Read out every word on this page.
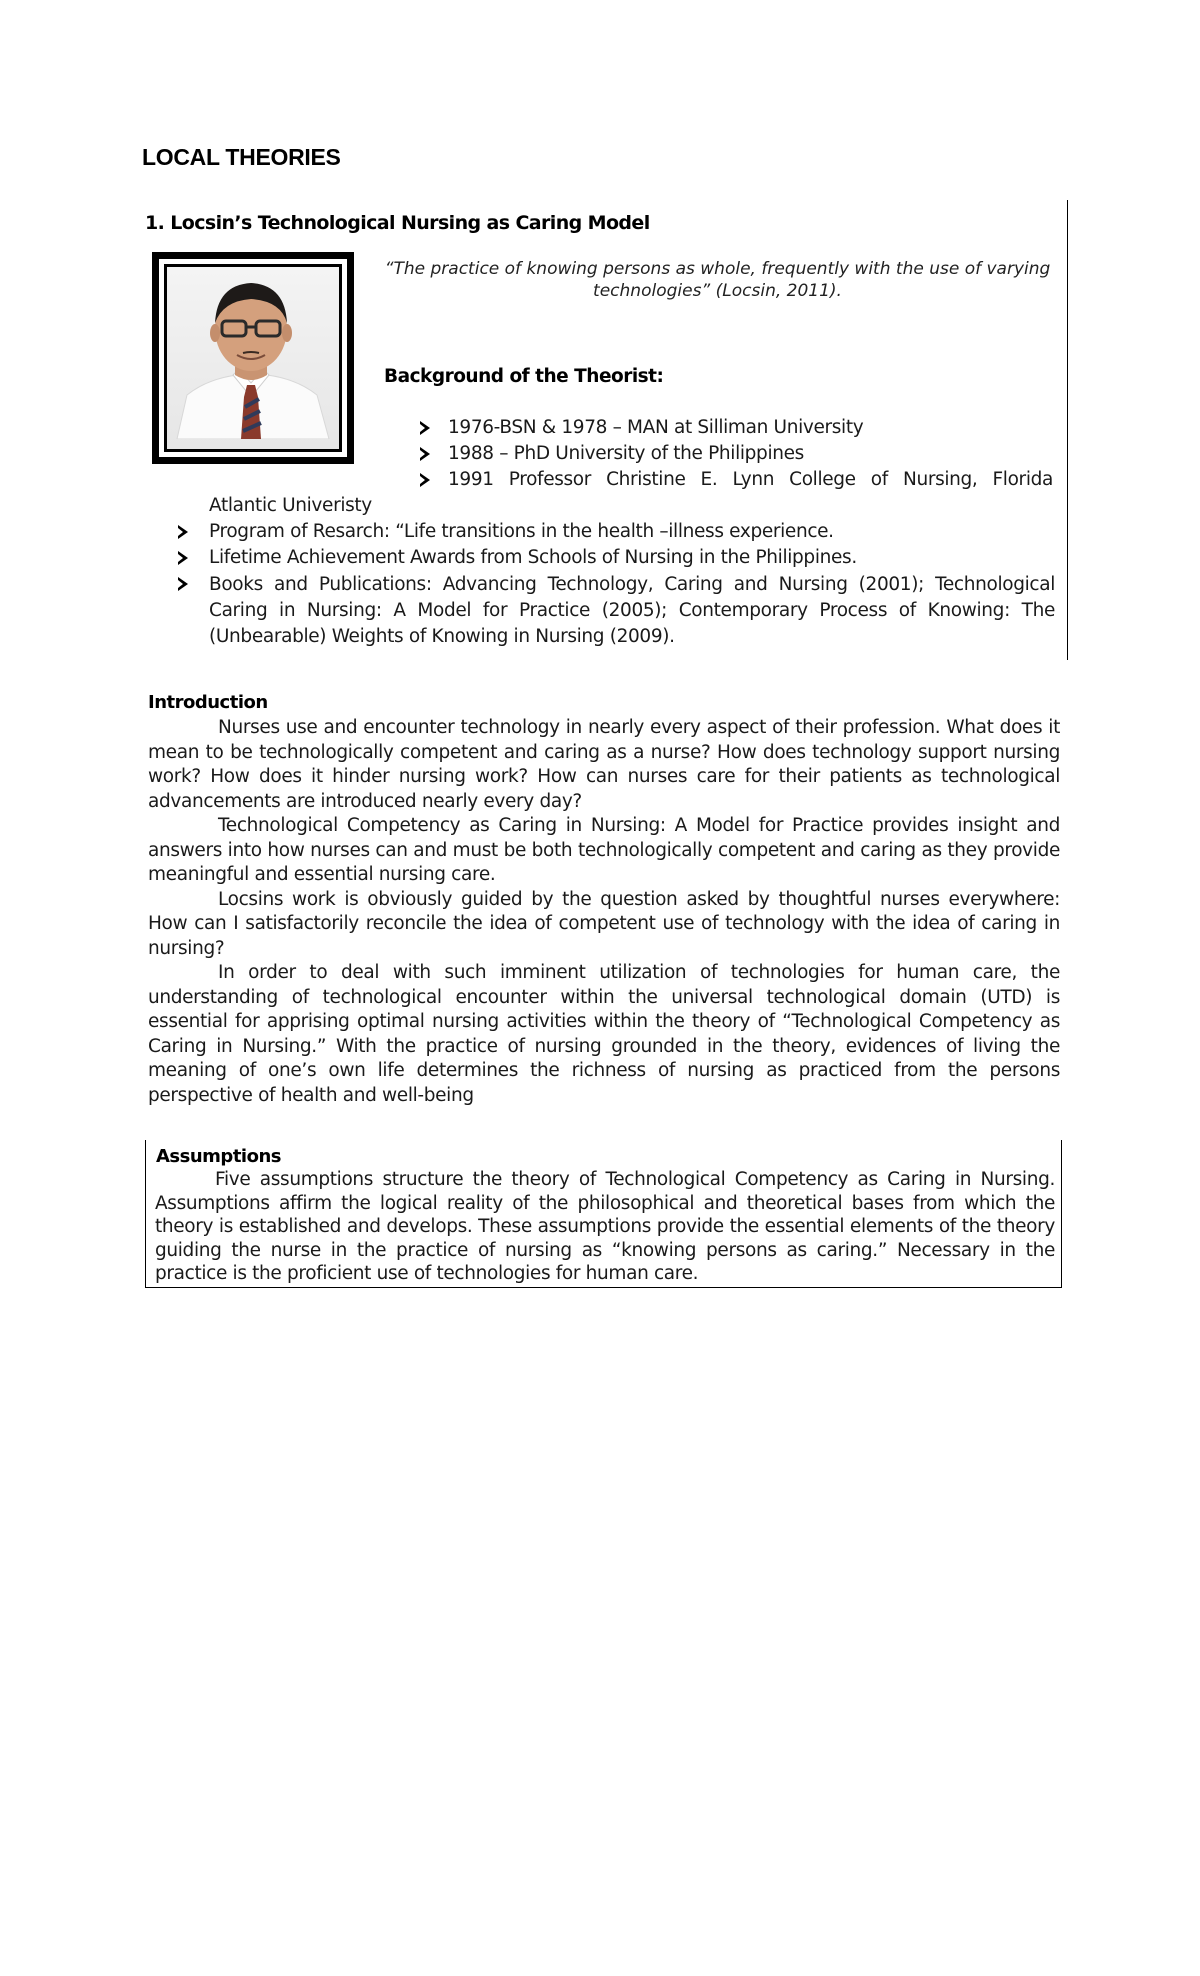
LOCAL THEORIES
1. Locsin’s Technological Nursing as Caring Model
“The practice of knowing persons as whole, frequently with the use of varying technologies” (Locsin, 2011).
Background of the Theorist:
1976-BSN & 1978 – MAN at Silliman University
1988 – PhD University of the Philippines
1991 Professor Christine E. Lynn College of Nursing, Florida
Atlantic Univeristy
Program of Resarch: “Life transitions in the health –illness experience.
Lifetime Achievement Awards from Schools of Nursing in the Philippines.
Books and Publications: Advancing Technology, Caring and Nursing (2001); Technological Caring in Nursing: A Model for Practice (2005); Contemporary Process of Knowing: The (Unbearable) Weights of Knowing in Nursing (2009).
Introduction

Nurses use and encounter technology in nearly every aspect of their profession. What does it mean to be technologically competent and caring as a nurse? How does technology support nursing work? How does it hinder nursing work? How can nurses care for their patients as technological advancements are introduced nearly every day?

Technological Competency as Caring in Nursing: A Model for Practice provides insight and answers into how nurses can and must be both technologically competent and caring as they provide meaningful and essential nursing care.

Locsins work is obviously guided by the question asked by thoughtful nurses everywhere: How can I satisfactorily reconcile the idea of competent use of technology with the idea of caring in nursing?

In order to deal with such imminent utilization of technologies for human care, the understanding of technological encounter within the universal technological domain (UTD) is essential for apprising optimal nursing activities within the theory of “Technological Competency as Caring in Nursing.” With the practice of nursing grounded in the theory, evidences of living the meaning of one’s own life determines the richness of nursing as practiced from the persons perspective of health and well-being

Assumptions

Five assumptions structure the theory of Technological Competency as Caring in Nursing. Assumptions affirm the logical reality of the philosophical and theoretical bases from which the theory is established and develops. These assumptions provide the essential elements of the theory guiding the nurse in the practice of nursing as “knowing persons as caring.” Necessary in the practice is the proficient use of technologies for human care.
